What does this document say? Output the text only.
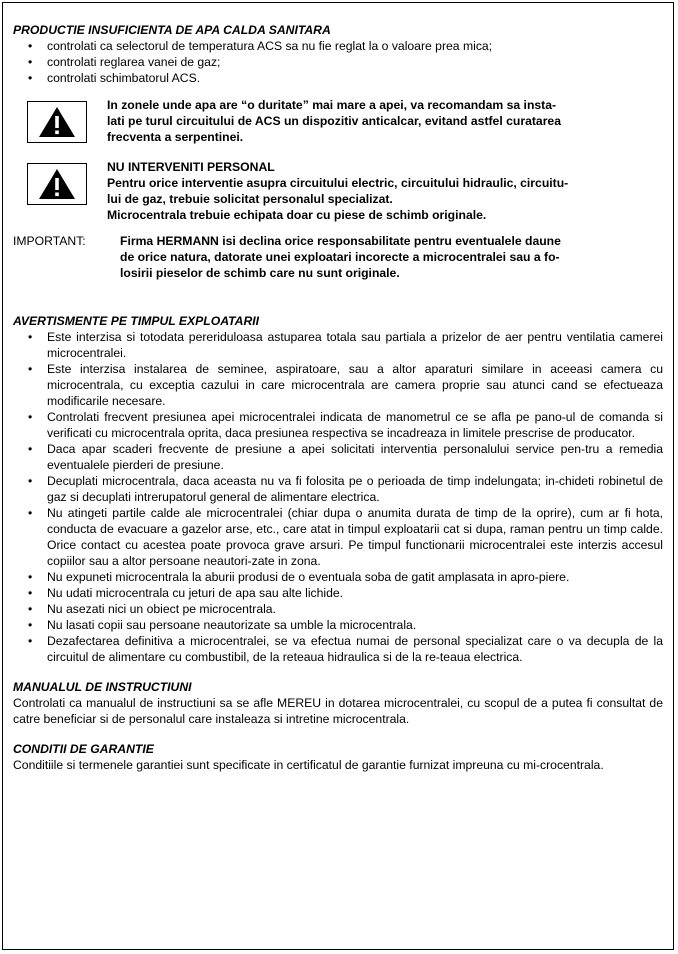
PRODUCTIE INSUFICIENTA DE APA CALDA SANITARA

• controlati ca selectorul de temperatura ACS sa nu fie reglat la o valoare prea mica;
• controlati reglarea vanei de gaz;
• controlati schimbatorul ACS.
In zonele unde apa are “o duritate” mai mare a apei, va recomandam sa insta-
lati pe turul circuitului de ACS un dispozitiv anticalcar, evitand astfel curatarea
frecventa a serpentinei.
NU INTERVENITI PERSONAL
Pentru orice interventie asupra circuitului electric, circuitului hidraulic, circuitu-
lui de gaz, trebuie solicitat personalul specializat.
Microcentrala trebuie echipata doar cu piese de schimb originale.
IMPORTANT:	Firma HERMANN isi declina orice responsabilitate pentru eventualele daune
de orice natura, datorate unei exploatari incorecte a microcentralei sau a fo-
losirii pieselor de schimb care nu sunt originale.

AVERTISMENTE PE TIMPUL EXPLOATARII

• Este interzisa si totodata pereriduloasa astuparea totala sau partiala a prizelor de aer pentru ventilatia camerei microcentralei.
• Este interzisa instalarea de seminee, aspiratoare, sau a altor aparaturi similare in aceeasi camera cu microcentrala, cu exceptia cazului in care microcentrala are camera proprie sau atunci cand se efectueaza modificarile necesare.
• Controlati frecvent presiunea apei microcentralei indicata de manometrul ce se afla pe pano-ul de comanda si verificati cu microcentrala oprita, daca presiunea respectiva se incadreaza in limitele prescrise de producator.
• Daca apar scaderi frecvente de presiune a apei solicitati interventia personalului service pen-tru a remedia eventualele pierderi de presiune.
• Decuplati microcentrala, daca aceasta nu va fi folosita pe o perioada de timp indelungata; in-chideti robinetul de gaz si decuplati intrerupatorul general de alimentare electrica.
• Nu atingeti partile calde ale microcentralei (chiar dupa o anumita durata de timp de la oprire), cum ar fi hota, conducta de evacuare a gazelor arse, etc., care atat in timpul exploatarii cat si dupa, raman pentru un timp calde. Orice contact cu acestea poate provoca grave arsuri. Pe timpul functionarii microcentralei este interzis accesul copiilor sau a altor persoane neautori-zate in zona.
• Nu expuneti microcentrala la aburii produsi de o eventuala soba de gatit amplasata in apro-piere.
• Nu udati microcentrala cu jeturi de apa sau alte lichide.
• Nu asezati nici un obiect pe microcentrala.
• Nu lasati copii sau persoane neautorizate sa umble la microcentrala.
• Dezafectarea definitiva a microcentralei, se va efectua numai de personal specializat care o va decupla de la circuitul de alimentare cu combustibil, de la reteaua hidraulica si de la re-teaua electrica.

MANUALUL DE INSTRUCTIUNI

Controlati ca manualul de instructiuni sa se afle MEREU in dotarea microcentralei, cu scopul de a putea fi consultat de catre beneficiar si de personalul care instaleaza si intretine microcentrala.

CONDITII DE GARANTIE

Conditiile si termenele garantiei sunt specificate in certificatul de garantie furnizat impreuna cu mi-crocentrala.
